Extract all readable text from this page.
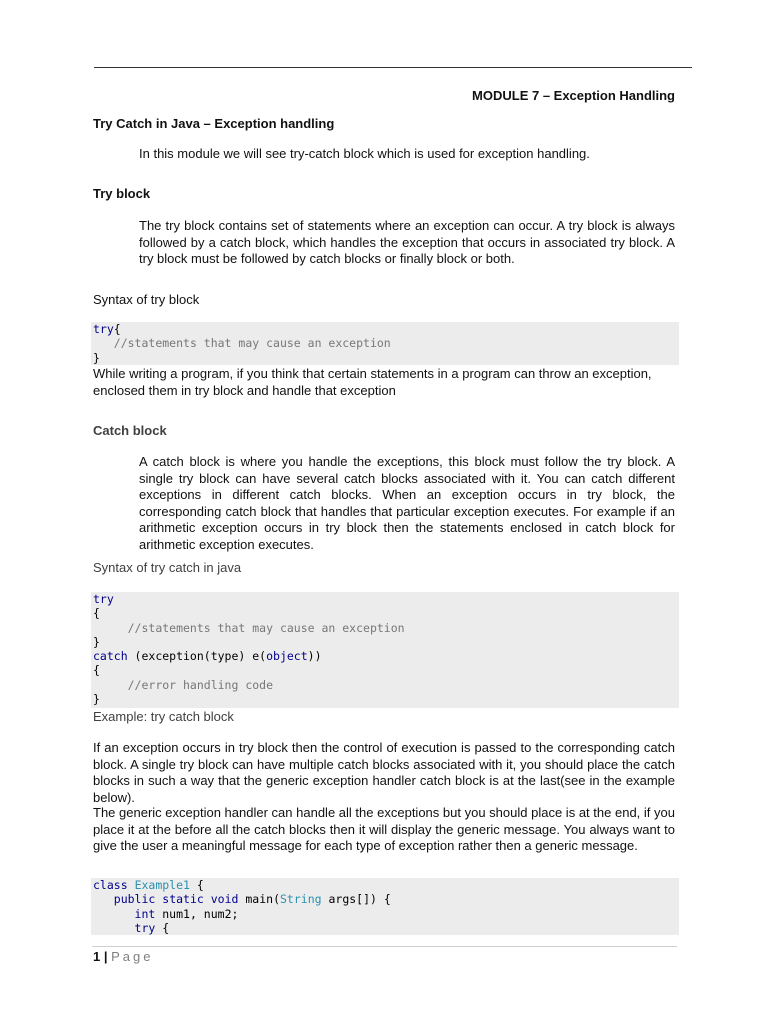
MODULE 7 – Exception Handling
Try Catch in Java – Exception handling
In this module we will see try-catch block which is used for exception handling.
Try block
The try block contains set of statements where an exception can occur. A try block is always followed by a catch block, which handles the exception that occurs in associated try block. A try block must be followed by catch blocks or finally block or both.
Syntax of try block
try{
//statements that may cause an exception
}
While writing a program, if you think that certain statements in a program can throw an exception, enclosed them in try block and handle that exception
Catch block
A catch block is where you handle the exceptions, this block must follow the try block. A single try block can have several catch blocks associated with it. You can catch different exceptions in different catch blocks. When an exception occurs in try block, the corresponding catch block that handles that particular exception executes. For example if an arithmetic exception occurs in try block then the statements enclosed in catch block for arithmetic exception executes.
Syntax of try catch in java
try
{
//statements that may cause an exception
}
catch (exception(type) e(object))
{
//error handling code
}
Example: try catch block
If an exception occurs in try block then the control of execution is passed to the corresponding catch block. A single try block can have multiple catch blocks associated with it, you should place the catch blocks in such a way that the generic exception handler catch block is at the last(see in the example below).
The generic exception handler can handle all the exceptions but you should place is at the end, if you place it at the before all the catch blocks then it will display the generic message. You always want to give the user a meaningful message for each type of exception rather then a generic message.
class Example1 {
public static void main(String args[]) {
int num1, num2;
try {
1 | Page
